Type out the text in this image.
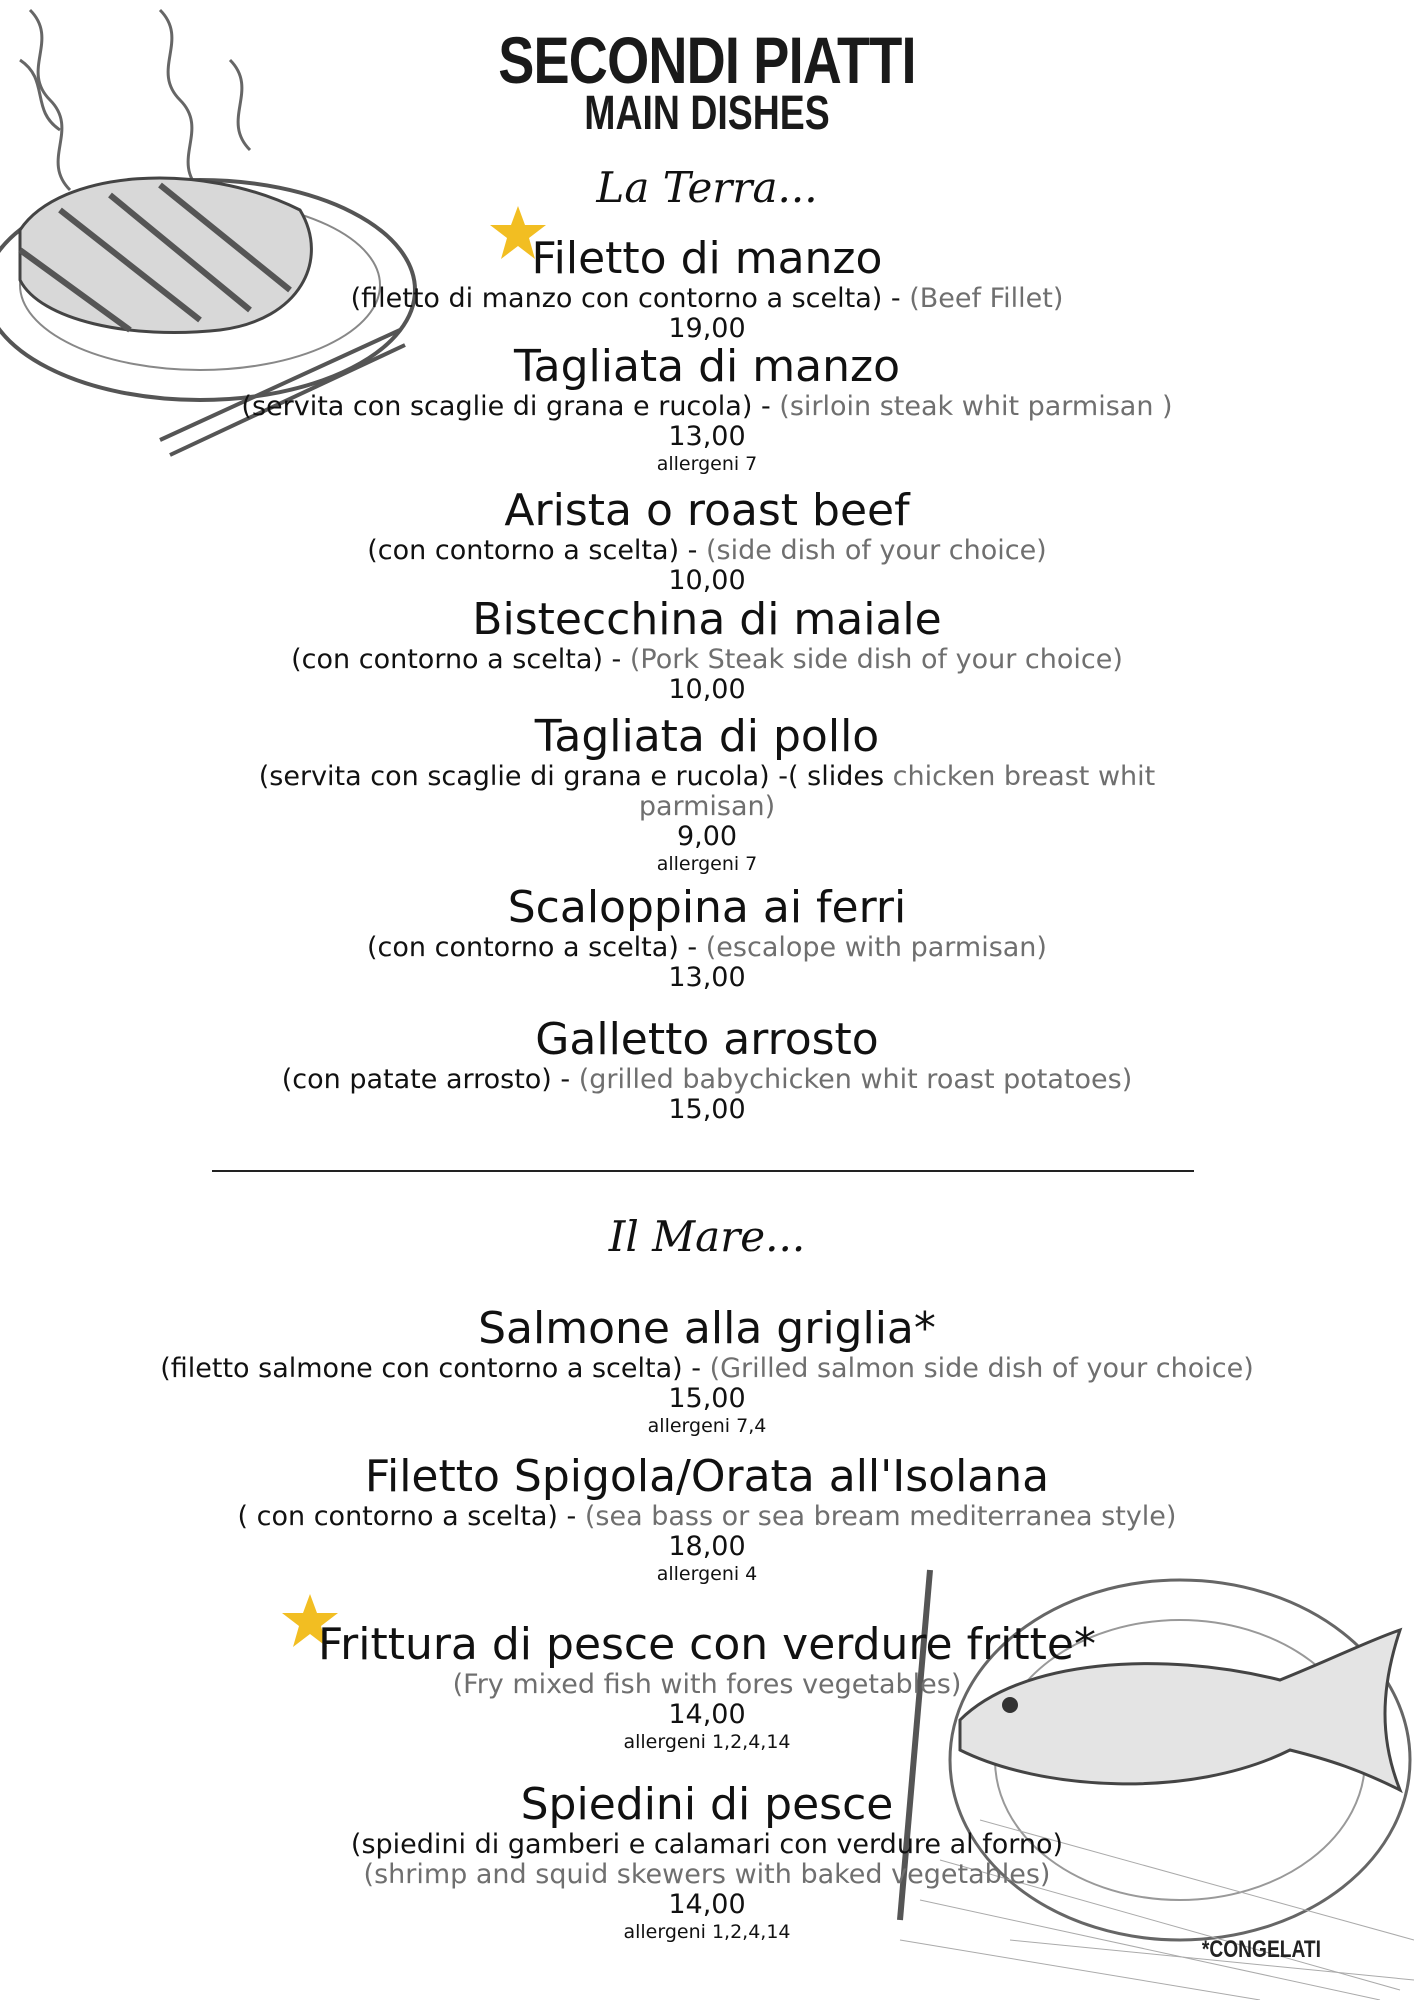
SECONDI PIATTI
MAIN DISHES
La Terra...
Filetto di manzo
(filetto di manzo con contorno a scelta) - (Beef Fillet)
19,00
Tagliata di manzo
(servita con scaglie di grana e rucola) - (sirloin steak whit parmisan )
13,00
allergeni 7
Arista o roast beef
(con contorno a scelta) - (side dish of your choice)
10,00
Bistecchina di maiale
(con contorno a scelta) - (Pork Steak side dish of your choice)
10,00
Tagliata di pollo
(servita con scaglie di grana e rucola) -( slides chicken breast whit
parmisan)
9,00
allergeni 7
Scaloppina ai ferri
(con contorno a scelta) - (escalope with parmisan)
13,00
Galletto arrosto
(con patate arrosto) - (grilled babychicken whit roast potatoes)
15,00
Il Mare...
Salmone alla griglia*
(filetto salmone con contorno a scelta) - (Grilled salmon side dish of your choice)
15,00
allergeni 7,4
Filetto Spigola/Orata all'Isolana
( con contorno a scelta) - (sea bass or sea bream mediterranea style)
18,00
allergeni 4
Frittura di pesce con verdure fritte*
(Fry mixed fish with fores vegetables)
14,00
allergeni 1,2,4,14
Spiedini di pesce
(spiedini di gamberi e calamari con verdure al forno)
(shrimp and squid skewers with baked vegetables)
14,00
allergeni 1,2,4,14
*CONGELATI
